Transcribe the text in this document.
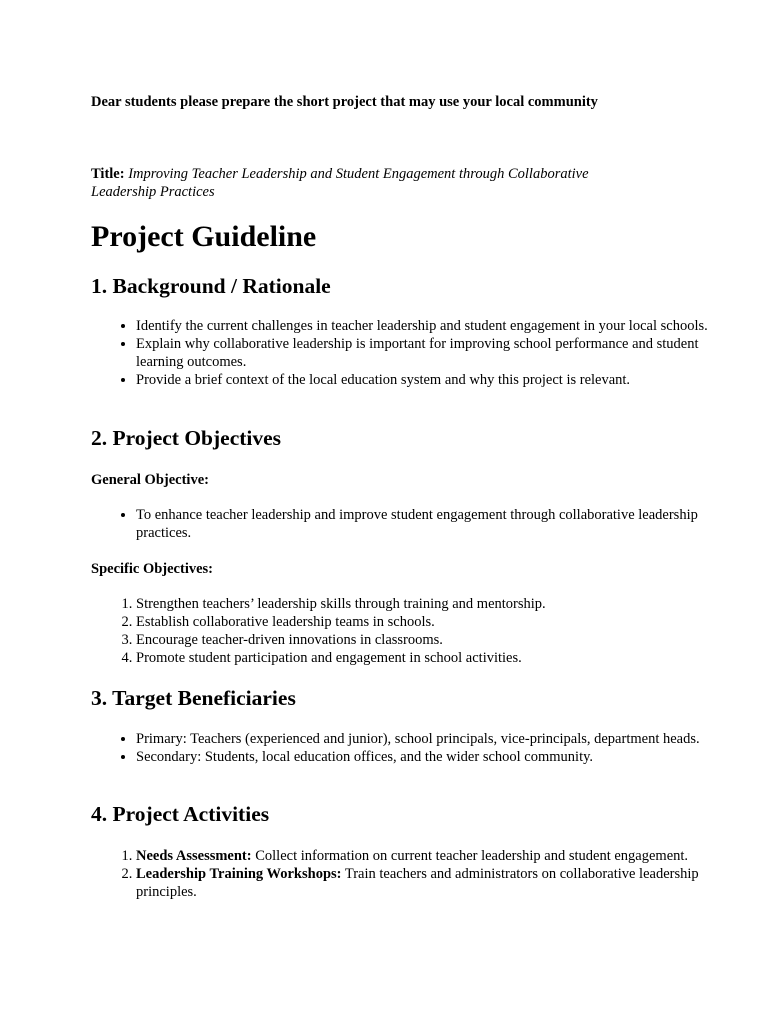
Dear students please prepare the short project that may use your local community

Title: Improving Teacher Leadership and Student Engagement through Collaborative Leadership Practices

Project Guideline
1. Background / Rationale
• Identify the current challenges in teacher leadership and student engagement in your local schools.
• Explain why collaborative leadership is important for improving school performance and student learning outcomes.
• Provide a brief context of the local education system and why this project is relevant.
2. Project Objectives

General Objective:

• To enhance teacher leadership and improve student engagement through collaborative leadership practices.

Specific Objectives:

1. Strengthen teachers’ leadership skills through training and mentorship.
2. Establish collaborative leadership teams in schools.
3. Encourage teacher-driven innovations in classrooms.
4. Promote student participation and engagement in school activities.
3. Target Beneficiaries
• Primary: Teachers (experienced and junior), school principals, vice-principals, department heads.
• Secondary: Students, local education offices, and the wider school community.
4. Project Activities
1. Needs Assessment: Collect information on current teacher leadership and student engagement.
2. Leadership Training Workshops: Train teachers and administrators on collaborative leadership principles.
